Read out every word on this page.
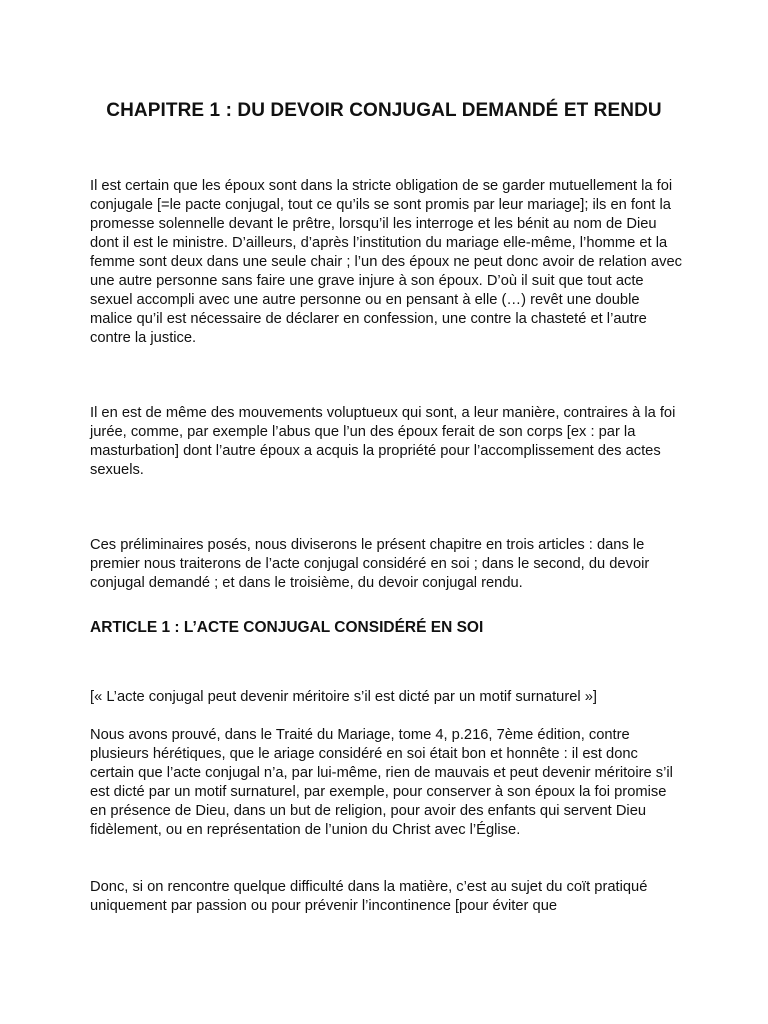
CHAPITRE 1 : DU DEVOIR CONJUGAL DEMANDÉ ET RENDU

Il est certain que les époux sont dans la stricte obligation de se garder mutuellement la foi conjugale [=le pacte conjugal, tout ce qu’ils se sont promis par leur mariage]; ils en font la promesse solennelle devant le prêtre, lorsqu’il les interroge et les bénit au nom de Dieu dont il est le ministre. D’ailleurs, d’après l’institution du mariage elle-même, l’homme et la femme sont deux dans une seule chair ; l’un des époux ne peut donc avoir de relation avec une autre personne sans faire une grave injure à son époux. D’où il suit que tout acte sexuel accompli avec une autre personne ou en pensant à elle (…) revêt une double malice qu’il est nécessaire de déclarer en confession, une contre la chasteté et l’autre contre la justice.

Il en est de même des mouvements voluptueux qui sont, a leur manière, contraires à la foi jurée, comme, par exemple l’abus que l’un des époux ferait de son corps [ex : par la masturbation] dont l’autre époux a acquis la propriété pour l’accomplissement des actes sexuels.

Ces préliminaires posés, nous diviserons le présent chapitre en trois articles : dans le premier nous traiterons de l’acte conjugal considéré en soi ; dans le second, du devoir conjugal demandé ; et dans le troisième, du devoir conjugal rendu.

ARTICLE 1 : L’ACTE CONJUGAL CONSIDÉRÉ EN SOI

[« L’acte conjugal peut devenir méritoire s’il est dicté par un motif surnaturel »]

Nous avons prouvé, dans le Traité du Mariage, tome 4, p.216, 7ème édition, contre plusieurs hérétiques, que le ariage considéré en soi était bon et honnête : il est donc certain que l’acte conjugal n’a, par lui-même, rien de mauvais et peut devenir méritoire s’il est dicté par un motif surnaturel, par exemple, pour conserver à son époux la foi promise en présence de Dieu, dans un but de religion, pour avoir des enfants qui servent Dieu fidèlement, ou en représentation de l’union du Christ avec l’Église.

Donc, si on rencontre quelque difficulté dans la matière, c’est au sujet du coït pratiqué uniquement par passion ou pour prévenir l’incontinence [pour éviter que
